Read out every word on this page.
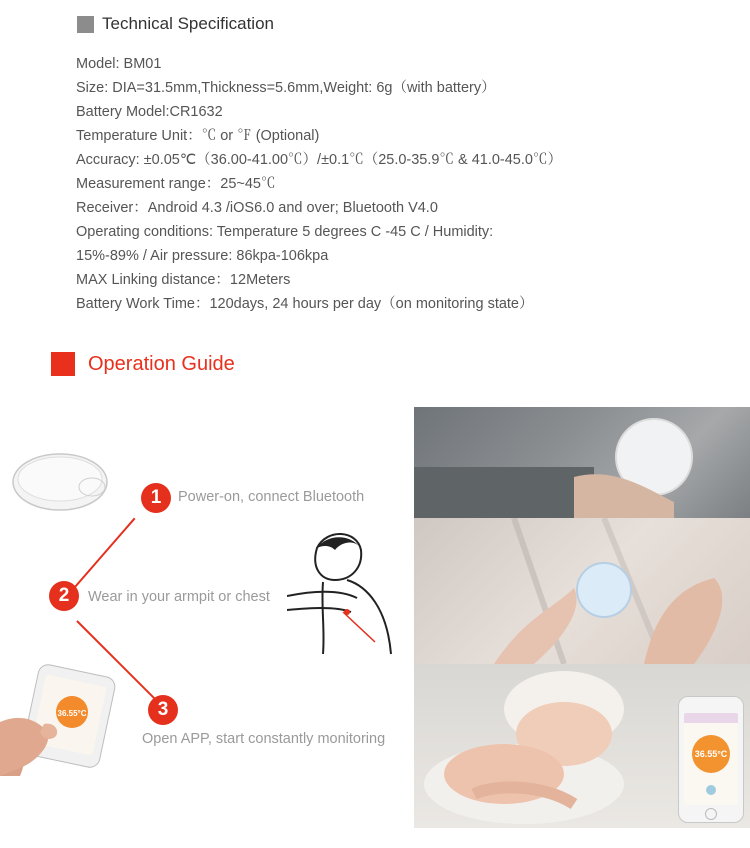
Technical Specification
Model: BM01
Size: DIA=31.5mm,Thickness=5.6mm,Weight: 6g（with battery）
Battery Model:CR1632
Temperature Unit：℃ or ℉ (Optional)
Accuracy: ±0.05℃（36.00-41.00℃）/±0.1℃（25.0-35.9℃ & 41.0-45.0℃）
Measurement range：25~45℃
Receiver：Android 4.3 /iOS6.0 and over; Bluetooth V4.0
Operating conditions: Temperature 5 degrees C -45 C / Humidity:
15%-89% / Air pressure: 86kpa-106kpa
MAX Linking distance：12Meters
Battery Work Time：120days, 24 hours per day（on monitoring state）
Operation Guide
1	Power-on, connect Bluetooth
2	Wear in your armpit or chest
3
Open APP, start constantly monitoring
36.55°C
36.55°C
